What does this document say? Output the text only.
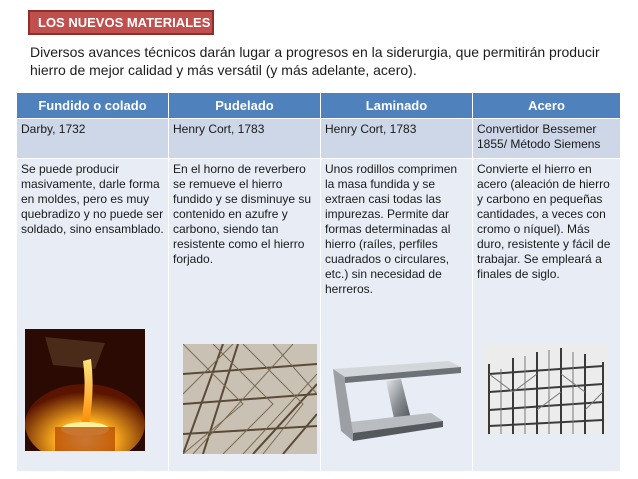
LOS NUEVOS MATERIALES
Diversos avances técnicos darán lugar a progresos en la siderurgia, que permitirán producir hierro de mejor calidad y más versátil (y más adelante, acero).
Fundido o colado	Pudelado	Laminado	Acero
Darby, 1732	Henry Cort, 1783	Henry Cort, 1783	Convertidor Bessemer 1855/ Método Siemens

Se puede producir masivamente, darle forma en moldes, pero es muy quebradizo y no puede ser soldado, sino ensamblado.	En el horno de reverbero se remueve el hierro fundido y se disminuye su contenido en azufre y carbono, siendo tan resistente como el hierro forjado.	Unos rodillos comprimen la masa fundida y se extraen casi todas las impurezas. Permite dar formas determinadas al hierro (raíles, perfiles cuadrados o circulares, etc.) sin necesidad de herreros.	Convierte el hierro en acero (aleación de hierro y carbono en pequeñas cantidades, a veces con cromo o níquel). Más duro, resistente y fácil de trabajar. Se empleará a finales de siglo.
